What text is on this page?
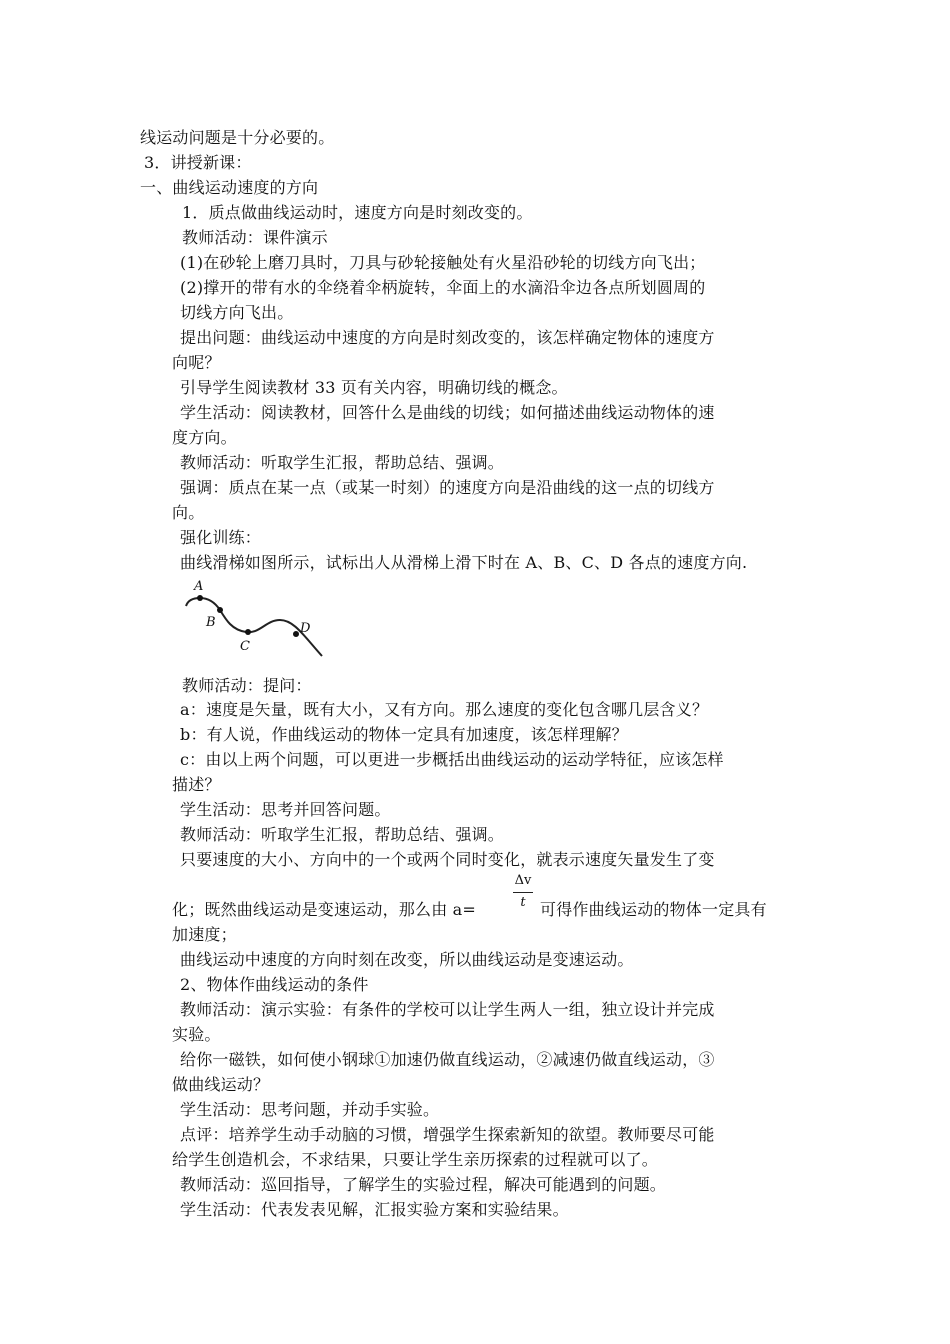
线运动问题是十分必要的。
3．讲授新课：
一、曲线运动速度的方向
1．质点做曲线运动时，速度方向是时刻改变的。
教师活动：课件演示
(1)在砂轮上磨刀具时，刀具与砂轮接触处有火星沿砂轮的切线方向飞出；
(2)撑开的带有水的伞绕着伞柄旋转，伞面上的水滴沿伞边各点所划圆周的
切线方向飞出。
提出问题：曲线运动中速度的方向是时刻改变的，该怎样确定物体的速度方
向呢？
引导学生阅读教材 33 页有关内容，明确切线的概念。
学生活动：阅读教材，回答什么是曲线的切线；如何描述曲线运动物体的速
度方向。
教师活动：听取学生汇报，帮助总结、强调。
强调：质点在某一点（或某一时刻）的速度方向是沿曲线的这一点的切线方
向。
强化训练：
曲线滑梯如图所示，试标出人从滑梯上滑下时在 A、B、C、D 各点的速度方向.
A
B
C
D
教师活动：提问：
a：速度是矢量，既有大小，又有方向。那么速度的变化包含哪几层含义？
b：有人说，作曲线运动的物体一定具有加速度，该怎样理解？
c：由以上两个问题，可以更进一步概括出曲线运动的运动学特征，应该怎样
描述？
学生活动：思考并回答问题。
教师活动：听取学生汇报，帮助总结、强调。
只要速度的大小、方向中的一个或两个同时变化，就表示速度矢量发生了变
Δv
t
化；既然曲线运动是变速运动，那么由 a=	可得作曲线运动的物体一定具有
加速度；
曲线运动中速度的方向时刻在改变，所以曲线运动是变速运动。
2、物体作曲线运动的条件
教师活动：演示实验：有条件的学校可以让学生两人一组，独立设计并完成
实验。
给你一磁铁，如何使小钢球①加速仍做直线运动，②减速仍做直线运动，③
做曲线运动？
学生活动：思考问题，并动手实验。
点评：培养学生动手动脑的习惯，增强学生探索新知的欲望。教师要尽可能
给学生创造机会，不求结果，只要让学生亲历探索的过程就可以了。
教师活动：巡回指导，了解学生的实验过程，解决可能遇到的问题。
学生活动：代表发表见解，汇报实验方案和实验结果。
